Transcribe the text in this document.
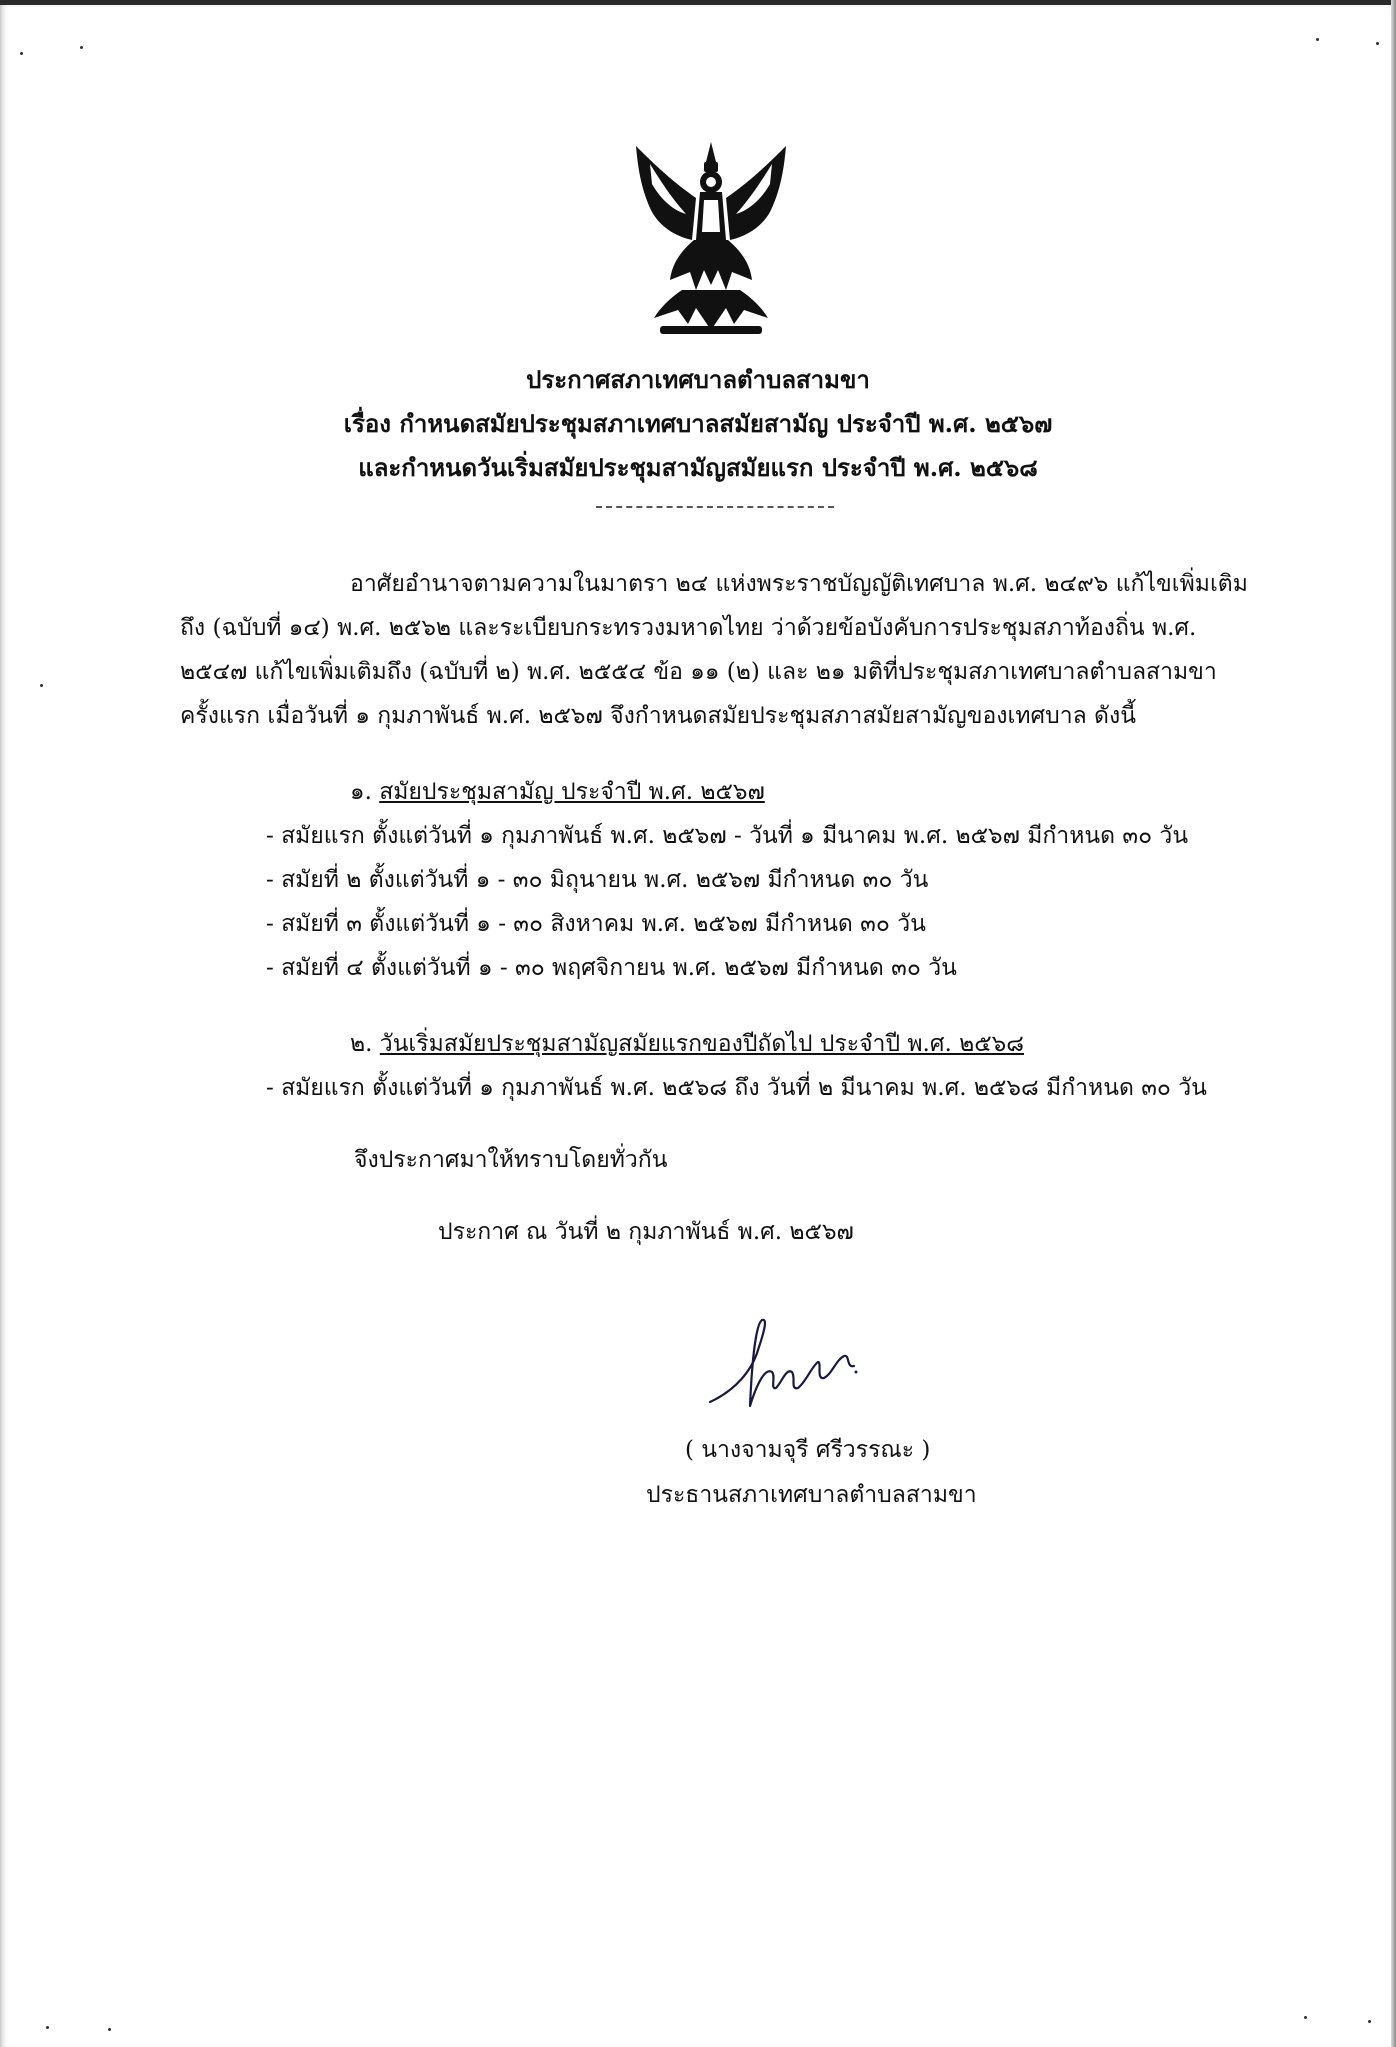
ประกาศสภาเทศบาลตำบลสามขา
เรื่อง กำหนดสมัยประชุมสภาเทศบาลสมัยสามัญ ประจำปี พ.ศ. ๒๕๖๗
และกำหนดวันเริ่มสมัยประชุมสามัญสมัยแรก ประจำปี พ.ศ. ๒๕๖๘
อาศัยอำนาจตามความในมาตรา ๒๔ แห่งพระราชบัญญัติเทศบาล พ.ศ. ๒๔๙๖ แก้ไขเพิ่มเติม
ถึง (ฉบับที่ ๑๔) พ.ศ. ๒๕๖๒ และระเบียบกระทรวงมหาดไทย ว่าด้วยข้อบังคับการประชุมสภาท้องถิ่น พ.ศ.
๒๕๔๗ แก้ไขเพิ่มเติมถึง (ฉบับที่ ๒) พ.ศ. ๒๕๕๔ ข้อ ๑๑ (๒) และ ๒๑ มติที่ประชุมสภาเทศบาลตำบลสามขา
ครั้งแรก เมื่อวันที่ ๑ กุมภาพันธ์ พ.ศ. ๒๕๖๗ จึงกำหนดสมัยประชุมสภาสมัยสามัญของเทศบาล ดังนี้
๑. สมัยประชุมสามัญ ประจำปี พ.ศ. ๒๕๖๗
- สมัยแรก ตั้งแต่วันที่ ๑ กุมภาพันธ์ พ.ศ. ๒๕๖๗ - วันที่ ๑ มีนาคม พ.ศ. ๒๕๖๗ มีกำหนด ๓๐ วัน
- สมัยที่ ๒ ตั้งแต่วันที่ ๑ - ๓๐ มิถุนายน พ.ศ. ๒๕๖๗ มีกำหนด ๓๐ วัน
- สมัยที่ ๓ ตั้งแต่วันที่ ๑ - ๓๐ สิงหาคม พ.ศ. ๒๕๖๗ มีกำหนด ๓๐ วัน
- สมัยที่ ๔ ตั้งแต่วันที่ ๑ - ๓๐ พฤศจิกายน พ.ศ. ๒๕๖๗ มีกำหนด ๓๐ วัน
๒. วันเริ่มสมัยประชุมสามัญสมัยแรกของปีถัดไป ประจำปี พ.ศ. ๒๕๖๘
- สมัยแรก ตั้งแต่วันที่ ๑ กุมภาพันธ์ พ.ศ. ๒๕๖๘ ถึง วันที่ ๒ มีนาคม พ.ศ. ๒๕๖๘ มีกำหนด ๓๐ วัน
จึงประกาศมาให้ทราบโดยทั่วกัน
ประกาศ ณ วันที่ ๒ กุมภาพันธ์ พ.ศ. ๒๕๖๗
( นางจามจุรี ศรีวรรณะ )
ประธานสภาเทศบาลตำบลสามขา
